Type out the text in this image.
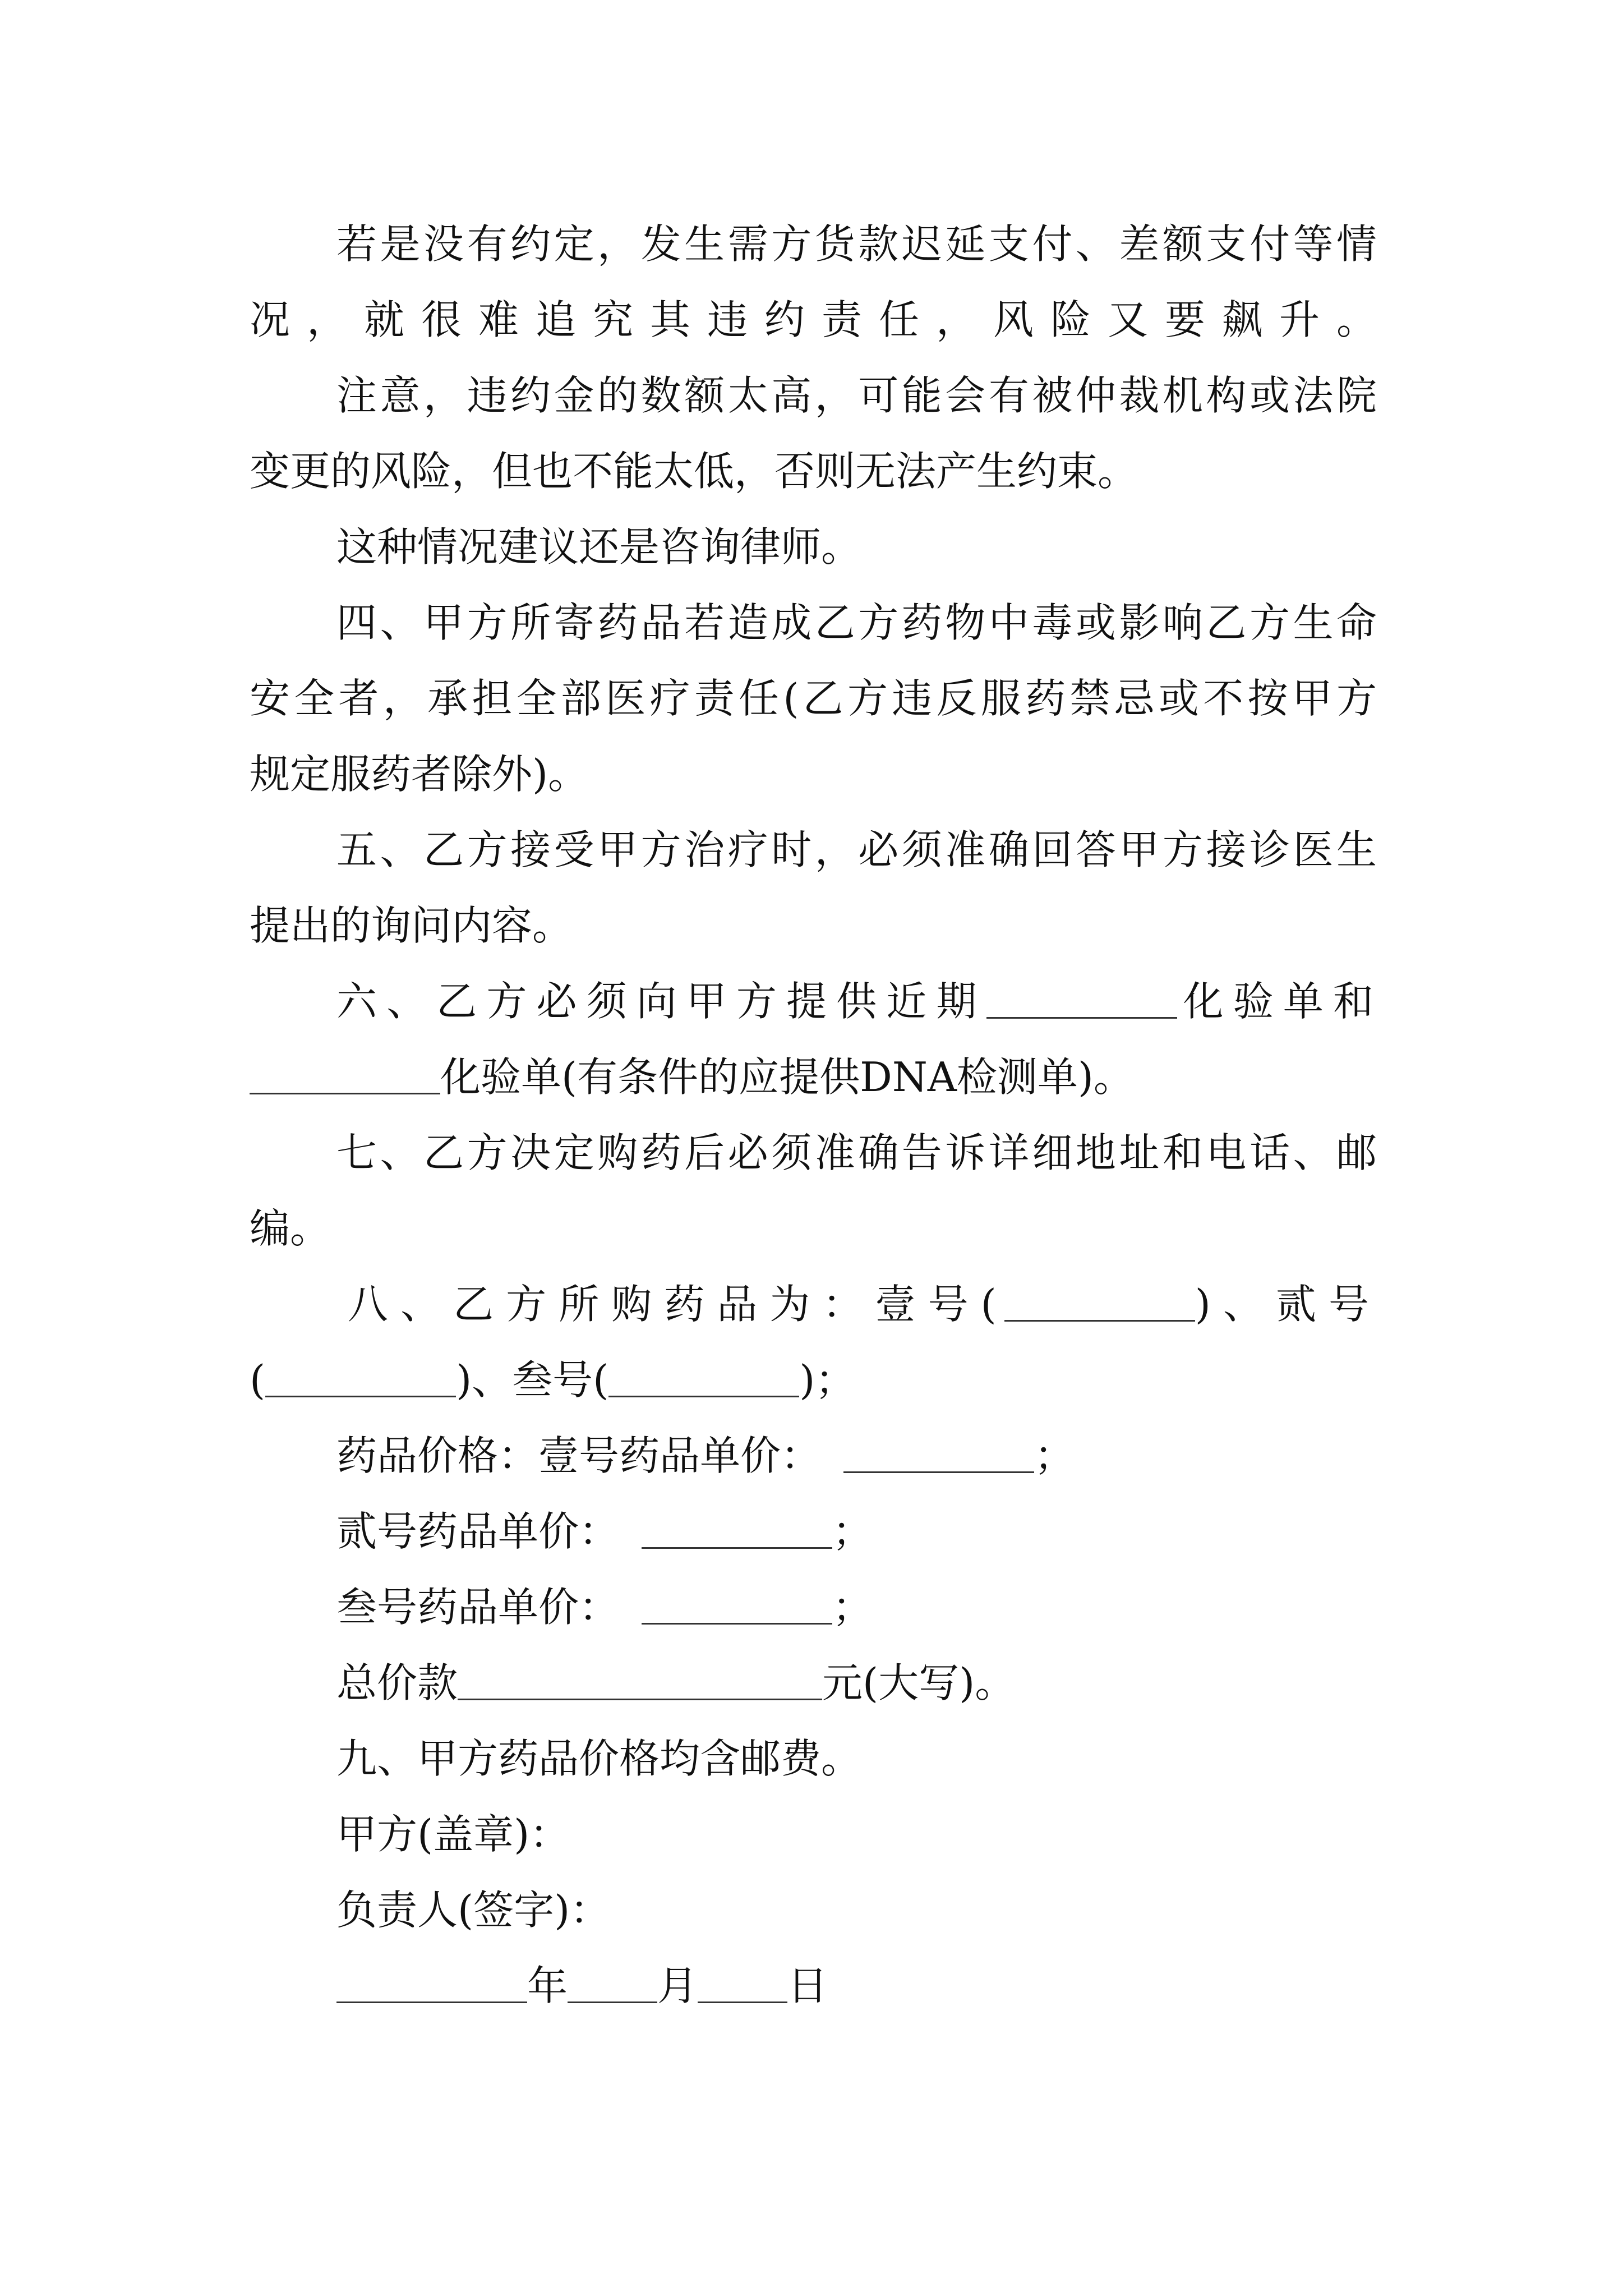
若是没有约定，发生需方货款迟延支付、差额支付等情
况，就很难追究其违约责任，风险又要飙升。
注意，违约金的数额太高，可能会有被仲裁机构或法院
变更的风险，但也不能太低，否则无法产生约束。
这种情况建议还是咨询律师。
四、甲方所寄药品若造成乙方药物中毒或影响乙方生命
安全者，承担全部医疗责任(乙方违反服药禁忌或不按甲方
规定服药者除外)。
五、乙方接受甲方治疗时，必须准确回答甲方接诊医生
提出的询问内容。
六、乙方必须向甲方提供近期	化验单和
化验单(有条件的应提供DNA检测单)。
七、乙方决定购药后必须准确告诉详细地址和电话、邮
编。
八、乙方所购药品为：壹号(	)、贰号
(	)、叁号(	)；
药品价格：壹号药品单价：	；
贰号药品单价：	；
叁号药品单价：	；
总价款	元(大写)。
九、甲方药品价格均含邮费。
甲方(盖章)：
负责人(签字)：
年 月 日
